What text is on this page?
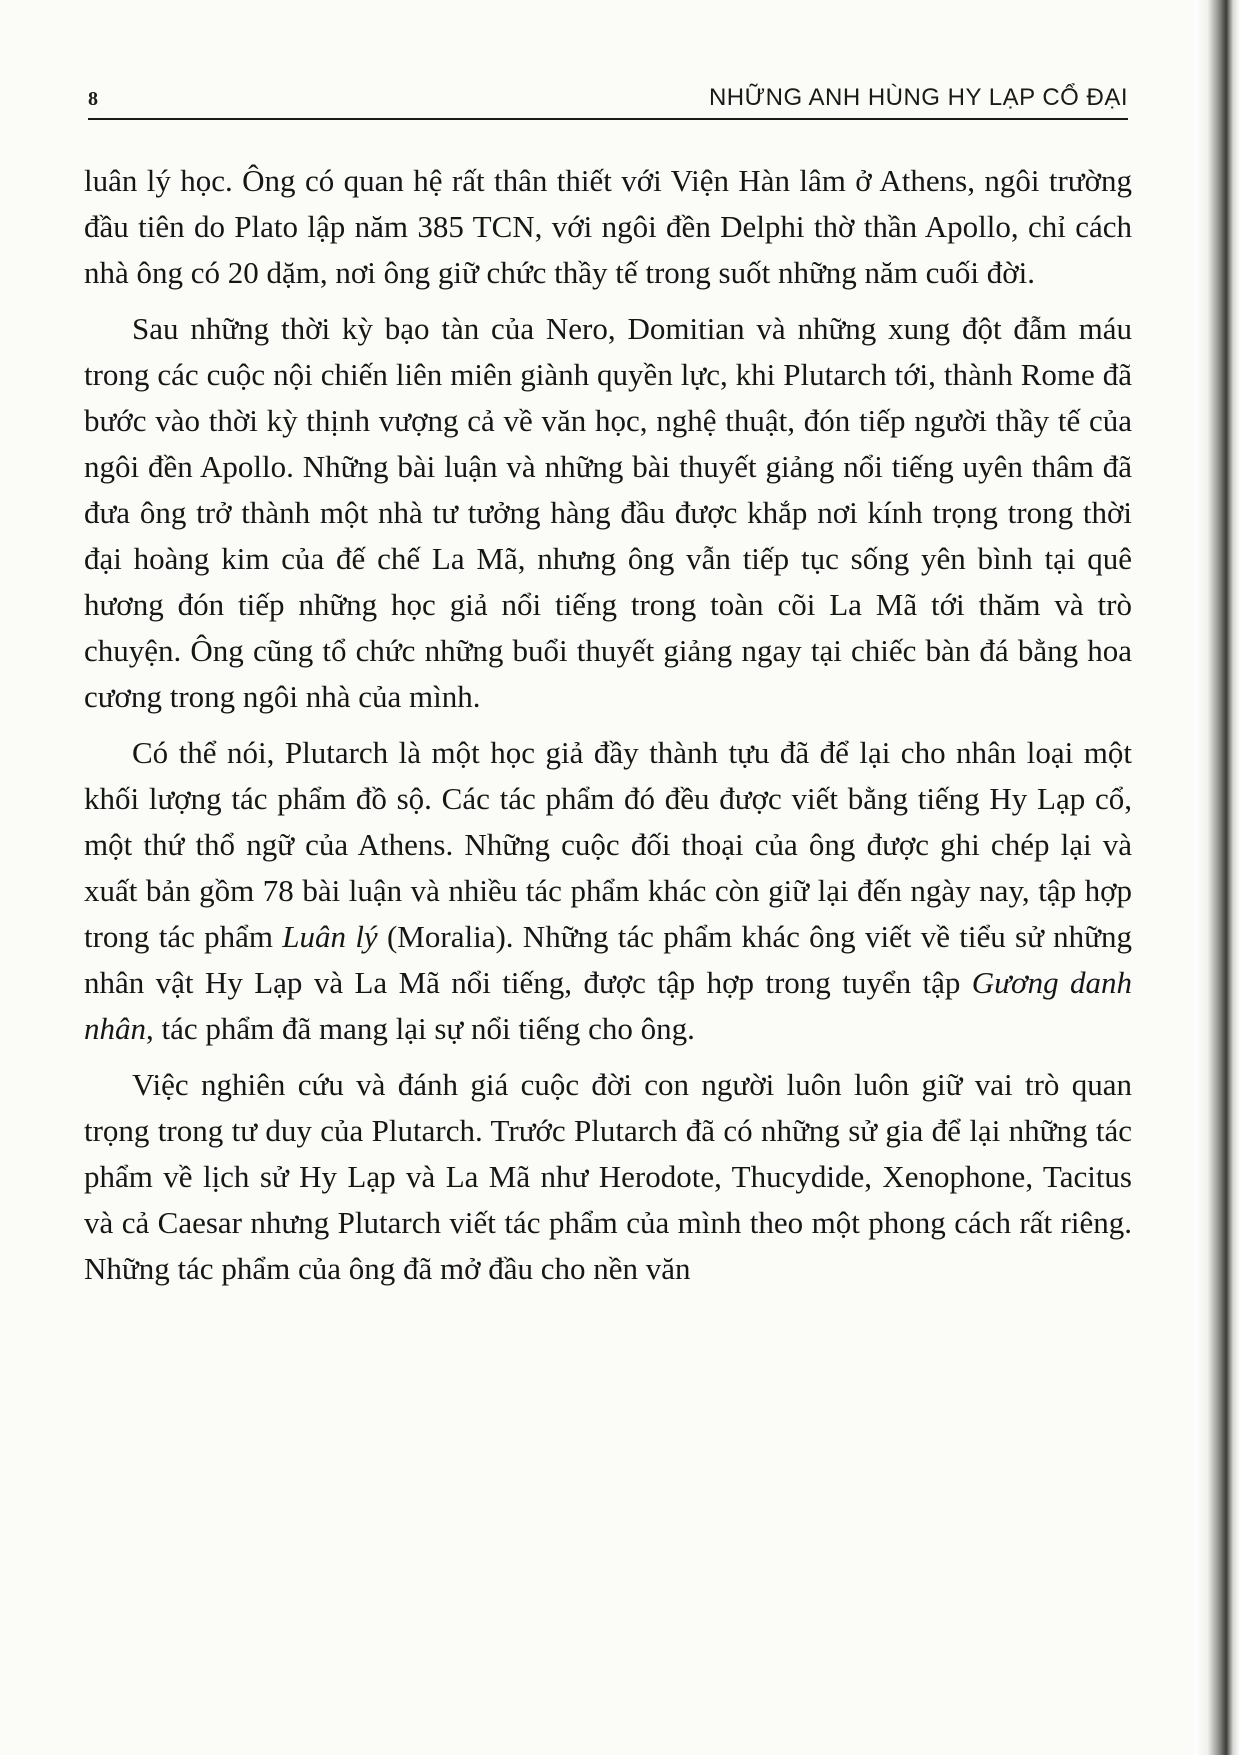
8	NHỮNG ANH HÙNG HY LẠP CỔ ĐẠI

luân lý học. Ông có quan hệ rất thân thiết với Viện Hàn lâm ở Athens, ngôi trường đầu tiên do Plato lập năm 385 TCN, với ngôi đền Delphi thờ thần Apollo, chỉ cách nhà ông có 20 dặm, nơi ông giữ chức thầy tế trong suốt những năm cuối đời.

Sau những thời kỳ bạo tàn của Nero, Domitian và những xung đột đẫm máu trong các cuộc nội chiến liên miên giành quyền lực, khi Plutarch tới, thành Rome đã bước vào thời kỳ thịnh vượng cả về văn học, nghệ thuật, đón tiếp người thầy tế của ngôi đền Apollo. Những bài luận và những bài thuyết giảng nổi tiếng uyên thâm đã đưa ông trở thành một nhà tư tưởng hàng đầu được khắp nơi kính trọng trong thời đại hoàng kim của đế chế La Mã, nhưng ông vẫn tiếp tục sống yên bình tại quê hương đón tiếp những học giả nổi tiếng trong toàn cõi La Mã tới thăm và trò chuyện. Ông cũng tổ chức những buổi thuyết giảng ngay tại chiếc bàn đá bằng hoa cương trong ngôi nhà của mình.

Có thể nói, Plutarch là một học giả đầy thành tựu đã để lại cho nhân loại một khối lượng tác phẩm đồ sộ. Các tác phẩm đó đều được viết bằng tiếng Hy Lạp cổ, một thứ thổ ngữ của Athens. Những cuộc đối thoại của ông được ghi chép lại và xuất bản gồm 78 bài luận và nhiều tác phẩm khác còn giữ lại đến ngày nay, tập hợp trong tác phẩm Luân lý (Moralia). Những tác phẩm khác ông viết về tiểu sử những nhân vật Hy Lạp và La Mã nổi tiếng, được tập hợp trong tuyển tập Gương danh nhân, tác phẩm đã mang lại sự nổi tiếng cho ông.

Việc nghiên cứu và đánh giá cuộc đời con người luôn luôn giữ vai trò quan trọng trong tư duy của Plutarch. Trước Plutarch đã có những sử gia để lại những tác phẩm về lịch sử Hy Lạp và La Mã như Herodote, Thucydide, Xenophone, Tacitus và cả Caesar nhưng Plutarch viết tác phẩm của mình theo một phong cách rất riêng. Những tác phẩm của ông đã mở đầu cho nền văn
